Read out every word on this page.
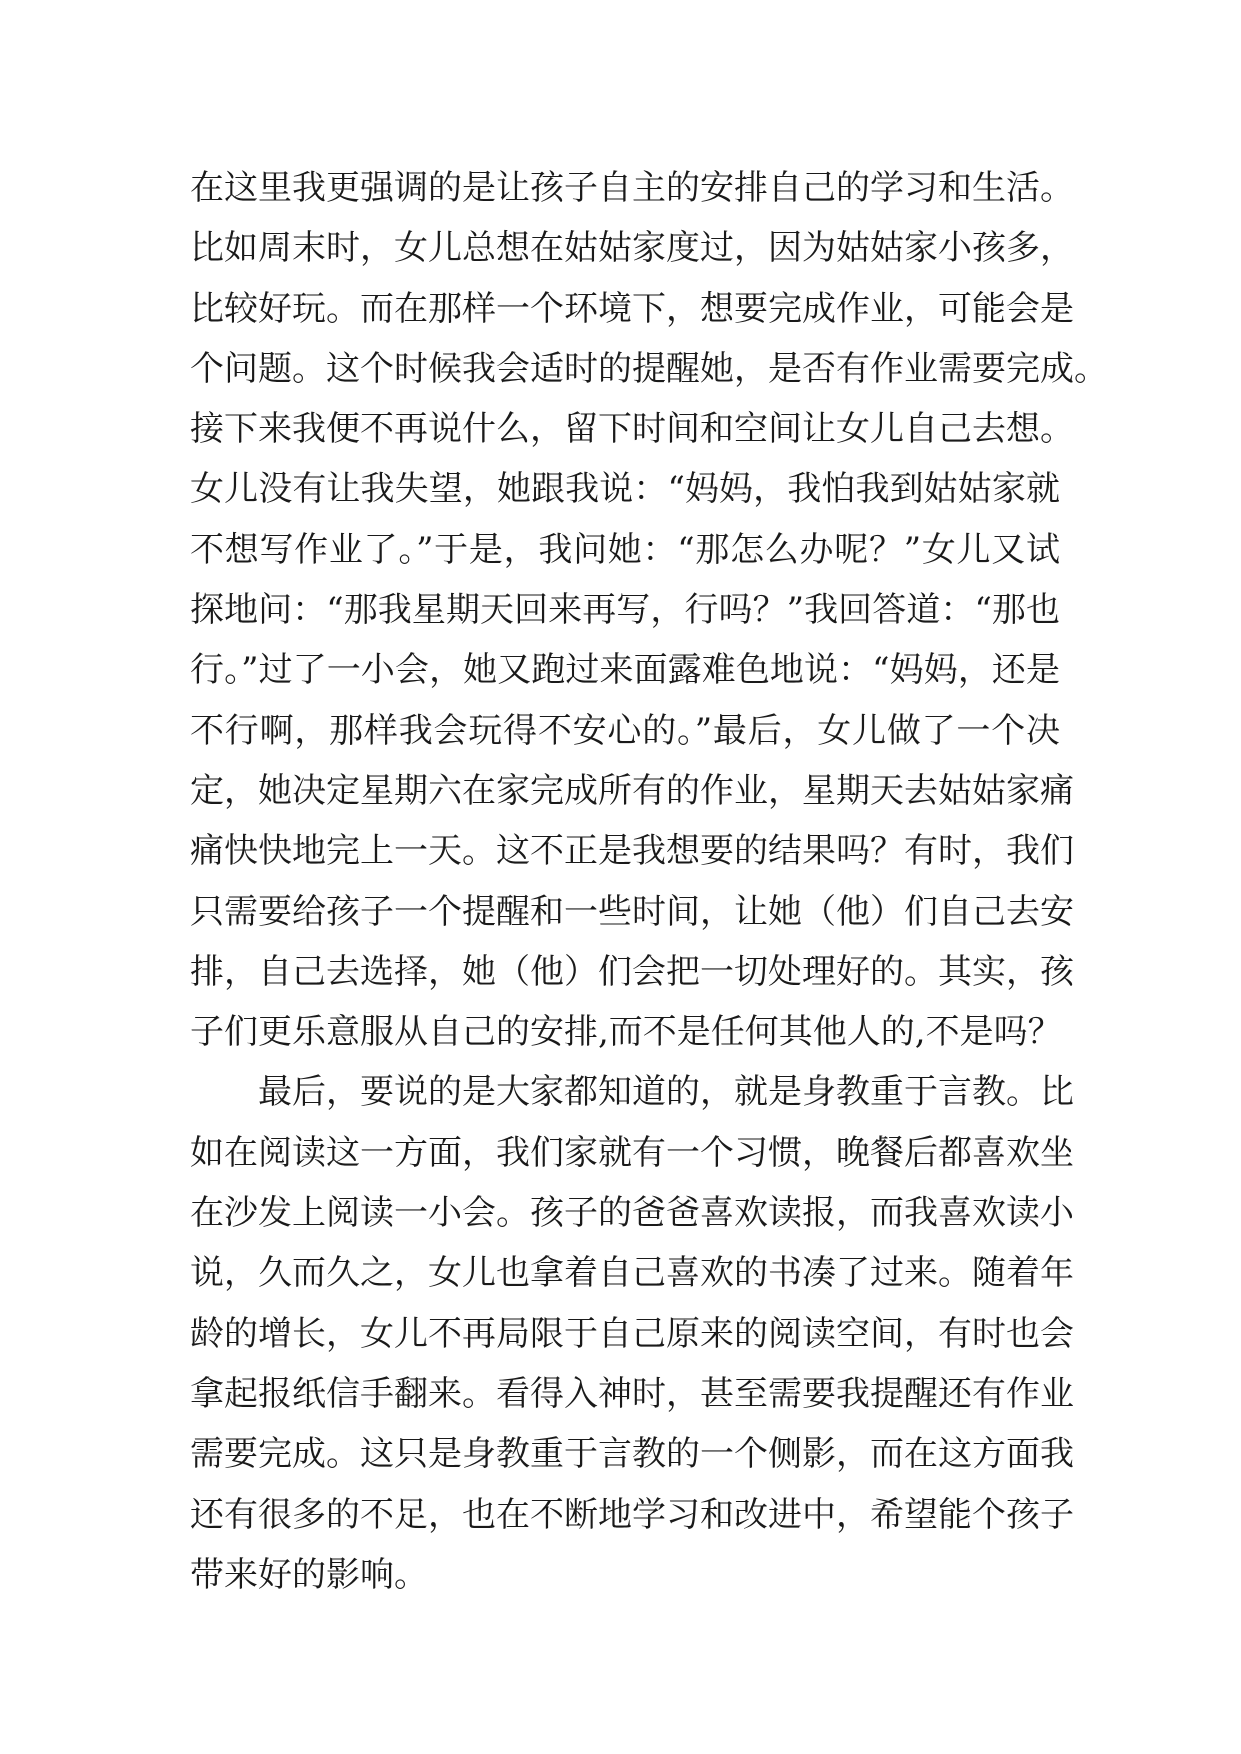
在这里我更强调的是让孩子自主的安排自己的学习和生活。
比如周末时，女儿总想在姑姑家度过，因为姑姑家小孩多，
比较好玩。而在那样一个环境下，想要完成作业，可能会是
个问题。这个时候我会适时的提醒她，是否有作业需要完成。
接下来我便不再说什么，留下时间和空间让女儿自己去想。
女儿没有让我失望，她跟我说：“妈妈，我怕我到姑姑家就
不想写作业了。”于是，我问她：“那怎么办呢？”女儿又试
探地问：“那我星期天回来再写，行吗？”我回答道：“那也
行。”过了一小会，她又跑过来面露难色地说：“妈妈，还是
不行啊，那样我会玩得不安心的。”最后，女儿做了一个决
定，她决定星期六在家完成所有的作业，星期天去姑姑家痛
痛快快地完上一天。这不正是我想要的结果吗？有时，我们
只需要给孩子一个提醒和一些时间，让她（他）们自己去安
排，自己去选择，她（他）们会把一切处理好的。其实，孩
子们更乐意服从自己的安排,而不是任何其他人的,不是吗？
最后，要说的是大家都知道的，就是身教重于言教。比
如在阅读这一方面，我们家就有一个习惯，晚餐后都喜欢坐
在沙发上阅读一小会。孩子的爸爸喜欢读报，而我喜欢读小
说，久而久之，女儿也拿着自己喜欢的书凑了过来。随着年
龄的增长，女儿不再局限于自己原来的阅读空间，有时也会
拿起报纸信手翻来。看得入神时，甚至需要我提醒还有作业
需要完成。这只是身教重于言教的一个侧影，而在这方面我
还有很多的不足，也在不断地学习和改进中，希望能个孩子
带来好的影响。
